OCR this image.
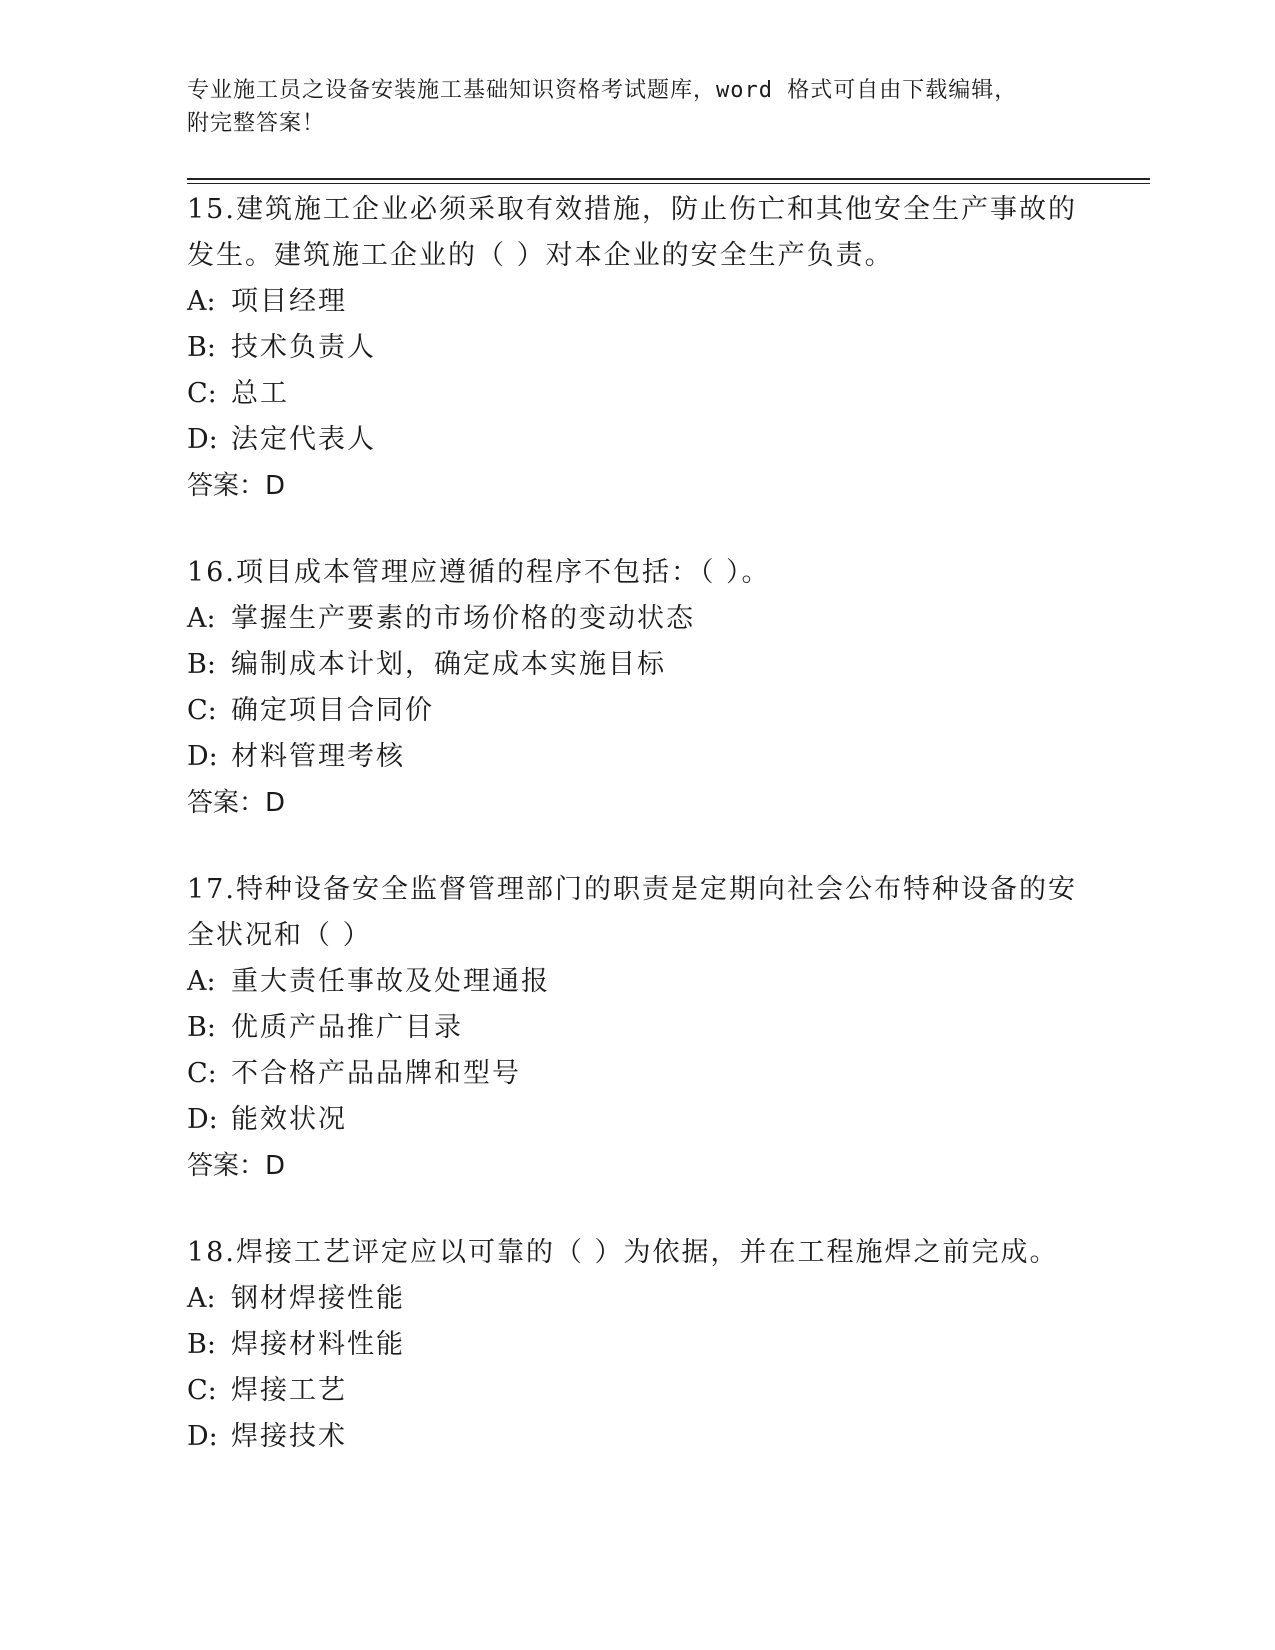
专业施工员之设备安装施工基础知识资格考试题库，word 格式可自由下载编辑，
附完整答案！

15.建筑施工企业必须采取有效措施，防止伤亡和其他安全生产事故的

发生。建筑施工企业的（ ）对本企业的安全生产负责。

A: 项目经理

B: 技术负责人

C: 总工

D: 法定代表人

答案：D

16.项目成本管理应遵循的程序不包括：（ ）。

A: 掌握生产要素的市场价格的变动状态

B: 编制成本计划，确定成本实施目标

C: 确定项目合同价

D: 材料管理考核

答案：D

17.特种设备安全监督管理部门的职责是定期向社会公布特种设备的安

全状况和（ ）

A: 重大责任事故及处理通报

B: 优质产品推广目录

C: 不合格产品品牌和型号

D: 能效状况

答案：D

18.焊接工艺评定应以可靠的（ ）为依据，并在工程施焊之前完成。

A: 钢材焊接性能

B: 焊接材料性能

C: 焊接工艺

D: 焊接技术
